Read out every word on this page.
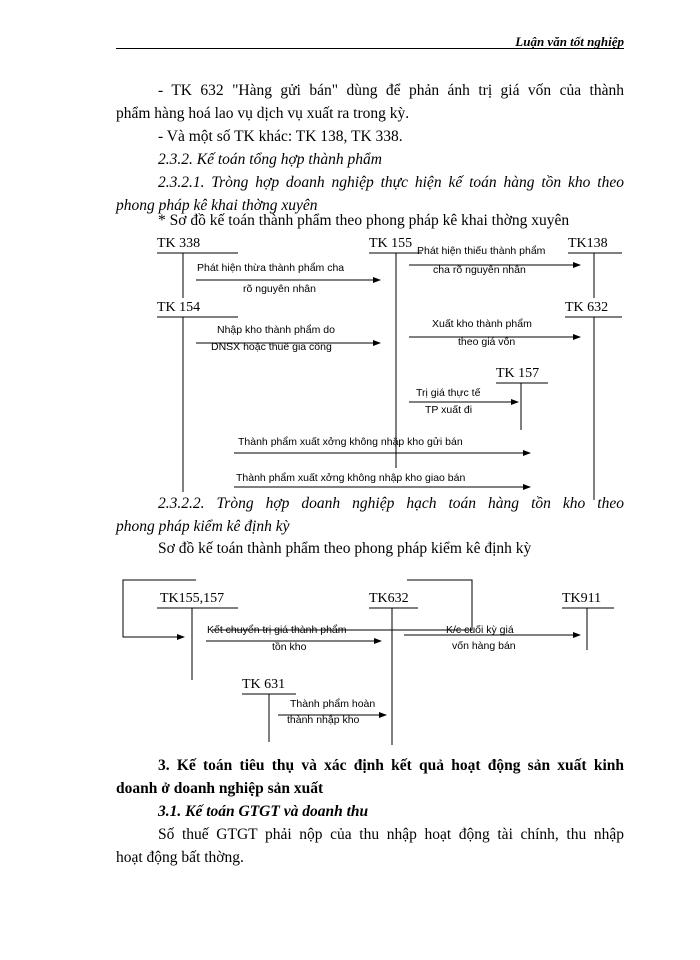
Luận văn tốt nghiệp
- TK 632 "Hàng gửi bán" dùng để phản ánh trị giá vốn của thành
phẩm hàng hoá lao vụ dịch vụ xuất ra trong kỳ.
- Và một số TK khác: TK 138, TK 338.
2.3.2. Kế toán tổng hợp thành phẩm
2.3.2.1. Tròng hợp doanh nghiệp thực hiện kế toán hàng tồn kho theo
phong pháp kê khai thờng xuyên
* Sơ đồ kế toán thành phẩm theo phong pháp kê khai thờng xuyên
TK 338	TK 155	TK138
TK 154	TK 632
TK 157
Phát hiện thừa thành phẩm cha
rõ nguyên nhân
Phát hiện thiếu thành phẩm
cha rõ nguyên nhân
Nhập kho thành phẩm do
DNSX hoặc thuê gia công
Xuất kho thành phẩm
theo giá vốn
Trị giá thực tế
TP xuất đi
Thành phẩm xuất xởng không nhập kho gửi bán
Thành phẩm xuất xởng không nhập kho giao bán
2.3.2.2. Tròng hợp doanh nghiệp hạch toán hàng tồn kho theo
phong pháp kiểm kê định kỳ
Sơ đồ kế toán thành phẩm theo phong pháp kiểm kê định kỳ
TK155,157	TK632	TK911
TK 631
Kết chuyển trị giá thành phẩm
tồn kho
K/c cuối kỳ giá
vốn hàng bán
Thành phẩm hoàn
thành nhập kho
3. Kế toán tiêu thụ và xác định kết quả hoạt động sản xuất kinh
doanh ở doanh nghiệp sản xuất
3.1. Kế toán GTGT và doanh thu
Số thuế GTGT phải nộp của thu nhập hoạt động tài chính, thu nhập
hoạt động bất thờng.
